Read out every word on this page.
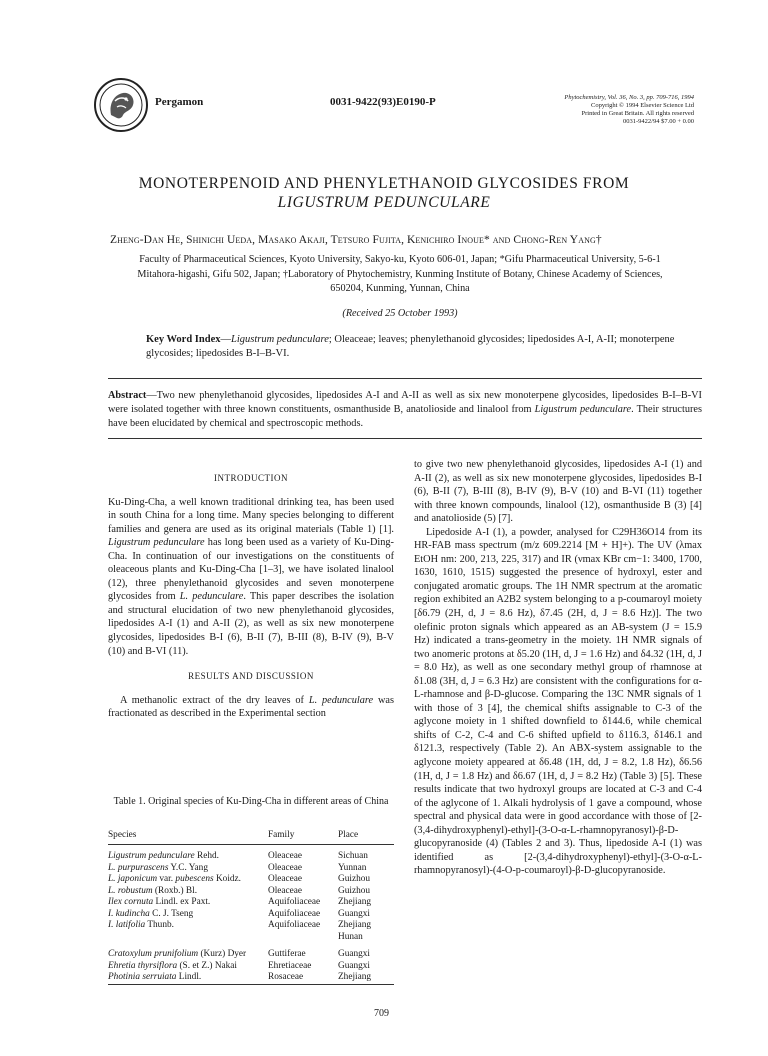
Pergamon	0031-9422(93)E0190-P	Phytochemistry, Vol. 36, No. 3, pp. 709-716, 1994
Copyright © 1994 Elsevier Science Ltd
Printed in Great Britain. All rights reserved
0031-9422/94 $7.00 + 0.00
MONOTERPENOID AND PHENYLETHANOID GLYCOSIDES FROM
LIGUSTRUM PEDUNCULARE
Zheng-Dan He, Shinichi Ueda, Masako Akaji, Tetsuro Fujita, Kenichiro Inoue* and Chong-Ren Yang†
Faculty of Pharmaceutical Sciences, Kyoto University, Sakyo-ku, Kyoto 606-01, Japan; *Gifu Pharmaceutical University, 5-6-1
Mitahora-higashi, Gifu 502, Japan; †Laboratory of Phytochemistry, Kunming Institute of Botany, Chinese Academy of Sciences,
650204, Kunming, Yunnan, China
(Received 25 October 1993)
Key Word Index—Ligustrum pedunculare; Oleaceae; leaves; phenylethanoid glycosides; lipedosides A-I, A-II; monoterpene glycosides; lipedosides B-I–B-VI.
Abstract—Two new phenylethanoid glycosides, lipedosides A-I and A-II as well as six new monoterpene glycosides, lipedosides B-I–B-VI were isolated together with three known constituents, osmanthuside B, anatolioside and linalool from Ligustrum pedunculare. Their structures have been elucidated by chemical and spectroscopic methods.
INTRODUCTION

Ku-Ding-Cha, a well known traditional drinking tea, has been used in south China for a long time. Many species belonging to different families and genera are used as its original materials (Table 1) [1]. Ligustrum pedunculare has long been used as a variety of Ku-Ding-Cha. In continuation of our investigations on the constituents of oleaceous plants and Ku-Ding-Cha [1–3], we have isolated linalool (12), three phenylethanoid glycosides and seven monoterpene glycosides from L. pedunculare. This paper describes the isolation and structural elucidation of two new phenylethanoid glycosides, lipedosides A-I (1) and A-II (2), as well as six new monoterpene glycosides, lipedosides B-I (6), B-II (7), B-III (8), B-IV (9), B-V (10) and B-VI (11).

RESULTS AND DISCUSSION

A methanolic extract of the dry leaves of L. pedunculare was fractionated as described in the Experimental section

Table 1. Original species of Ku-Ding-Cha in different areas of China
Species	Family	Place
Ligustrum pedunculare Rehd.	Oleaceae	Sichuan
L. purpurascens Y.C. Yang	Oleaceae	Yunnan
L. japonicum var. pubescens Koidz.	Oleaceae	Guizhou
L. robustum (Roxb.) Bl.	Oleaceae	Guizhou
Ilex cornuta Lindl. ex Paxt.	Aquifoliaceae	Zhejiang
I. kudincha C. J. Tseng	Aquifoliaceae	Guangxi
I. latifolia Thunb.	Aquifoliaceae	Zhejiang
		Hunan
Cratoxylum prunifolium (Kurz) Dyer	Guttiferae	Guangxi
Ehretia thyrsiflora (S. et Z.) Nakai	Ehretiaceae	Guangxi
Photinia serruiata Lindl.	Rosaceae	Zhejiang

to give two new phenylethanoid glycosides, lipedosides A-I (1) and A-II (2), as well as six new monoterpene glycosides, lipedosides B-I (6), B-II (7), B-III (8), B-IV (9), B-V (10) and B-VI (11) together with three known compounds, linalool (12), osmanthuside B (3) [4] and anatolioside (5) [7].

Lipedoside A-I (1), a powder, analysed for C29H36O14 from its HR-FAB mass spectrum (m/z 609.2214 [M + H]+). The UV (λmax EtOH nm: 200, 213, 225, 317) and IR (νmax KBr cm−1: 3400, 1700, 1630, 1610, 1515) suggested the presence of hydroxyl, ester and conjugated aromatic groups. The 1H NMR spectrum at the aromatic region exhibited an A2B2 system belonging to a p-coumaroyl moiety [δ6.79 (2H, d, J = 8.6 Hz), δ7.45 (2H, d, J = 8.6 Hz)]. The two olefinic proton signals which appeared as an AB-system (J = 15.9 Hz) indicated a trans-geometry in the moiety. 1H NMR signals of two anomeric protons at δ5.20 (1H, d, J = 1.6 Hz) and δ4.32 (1H, d, J = 8.0 Hz), as well as one secondary methyl group of rhamnose at δ1.08 (3H, d, J = 6.3 Hz) are consistent with the configurations for α-L-rhamnose and β-D-glucose. Comparing the 13C NMR signals of 1 with those of 3 [4], the chemical shifts assignable to C-3 of the aglycone moiety in 1 shifted downfield to δ144.6, while chemical shifts of C-2, C-4 and C-6 shifted upfield to δ116.3, δ146.1 and δ121.3, respectively (Table 2). An ABX-system assignable to the aglycone moiety appeared at δ6.48 (1H, dd, J = 8.2, 1.8 Hz), δ6.56 (1H, d, J = 1.8 Hz) and δ6.67 (1H, d, J = 8.2 Hz) (Table 3) [5]. These results indicate that two hydroxyl groups are located at C-3 and C-4 of the aglycone of 1. Alkali hydrolysis of 1 gave a compound, whose spectral and physical data were in good accordance with those of [2-(3,4-dihydroxyphenyl)-ethyl]-(3-O-α-L-rhamnopyranosyl)-β-D-glucopyranoside (4) (Tables 2 and 3). Thus, lipedoside A-I (1) was identified as [2-(3,4-dihydroxyphenyl)-ethyl]-(3-O-α-L-rhamnopyranosyl)-(4-O-p-coumaroyl)-β-D-glucopyranoside.

709
